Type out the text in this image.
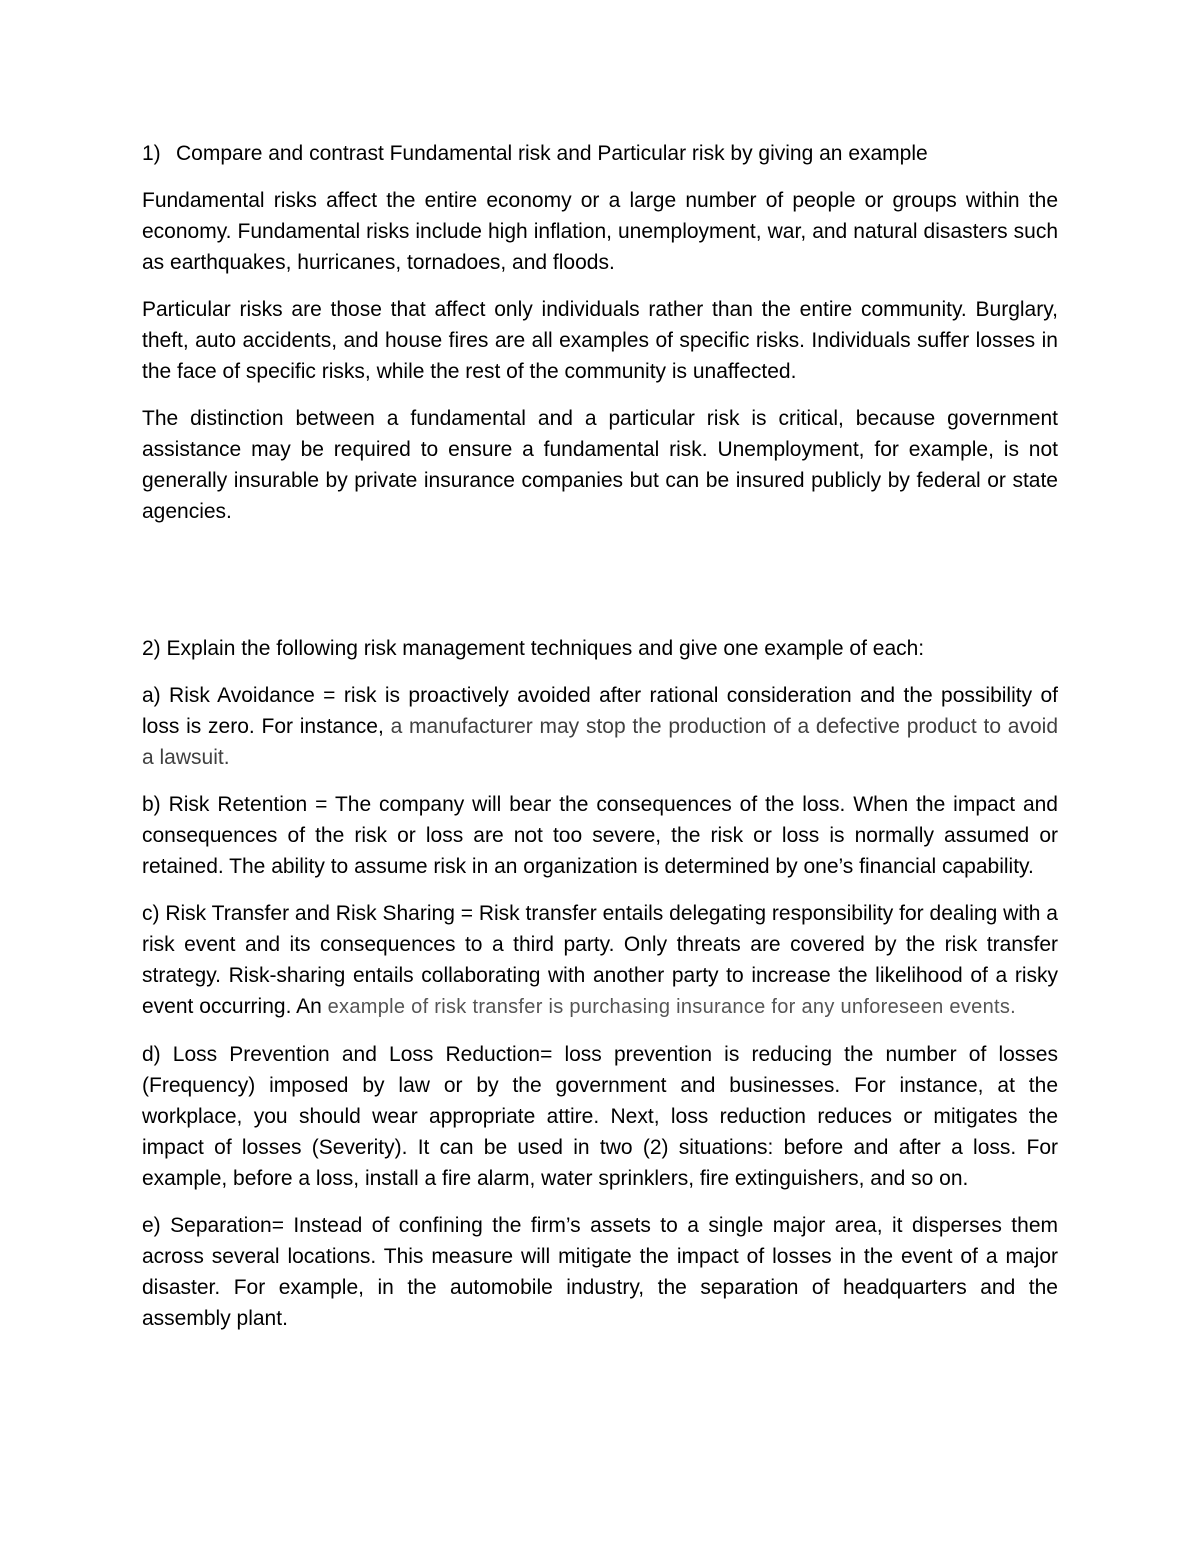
1) Compare and contrast Fundamental risk and Particular risk by giving an example

Fundamental risks affect the entire economy or a large number of people or groups within the economy. Fundamental risks include high inflation, unemployment, war, and natural disasters such as earthquakes, hurricanes, tornadoes, and floods.

Particular risks are those that affect only individuals rather than the entire community. Burglary, theft, auto accidents, and house fires are all examples of specific risks. Individuals suffer losses in the face of specific risks, while the rest of the community is unaffected.

The distinction between a fundamental and a particular risk is critical, because government assistance may be required to ensure a fundamental risk. Unemployment, for example, is not generally insurable by private insurance companies but can be insured publicly by federal or state agencies.

2) Explain the following risk management techniques and give one example of each:

a) Risk Avoidance = risk is proactively avoided after rational consideration and the possibility of loss is zero. For instance, a manufacturer may stop the production of a defective product to avoid a lawsuit.

b) Risk Retention = The company will bear the consequences of the loss. When the impact and consequences of the risk or loss are not too severe, the risk or loss is normally assumed or retained. The ability to assume risk in an organization is determined by one’s financial capability.

c) Risk Transfer and Risk Sharing = Risk transfer entails delegating responsibility for dealing with a risk event and its consequences to a third party. Only threats are covered by the risk transfer strategy. Risk-sharing entails collaborating with another party to increase the likelihood of a risky event occurring. An example of risk transfer is purchasing insurance for any unforeseen events.

d) Loss Prevention and Loss Reduction= loss prevention is reducing the number of losses (Frequency) imposed by law or by the government and businesses. For instance, at the workplace, you should wear appropriate attire. Next, loss reduction reduces or mitigates the impact of losses (Severity). It can be used in two (2) situations: before and after a loss. For example, before a loss, install a fire alarm, water sprinklers, fire extinguishers, and so on.

e) Separation= Instead of confining the firm’s assets to a single major area, it disperses them across several locations. This measure will mitigate the impact of losses in the event of a major disaster. For example, in the automobile industry, the separation of headquarters and the assembly plant.
